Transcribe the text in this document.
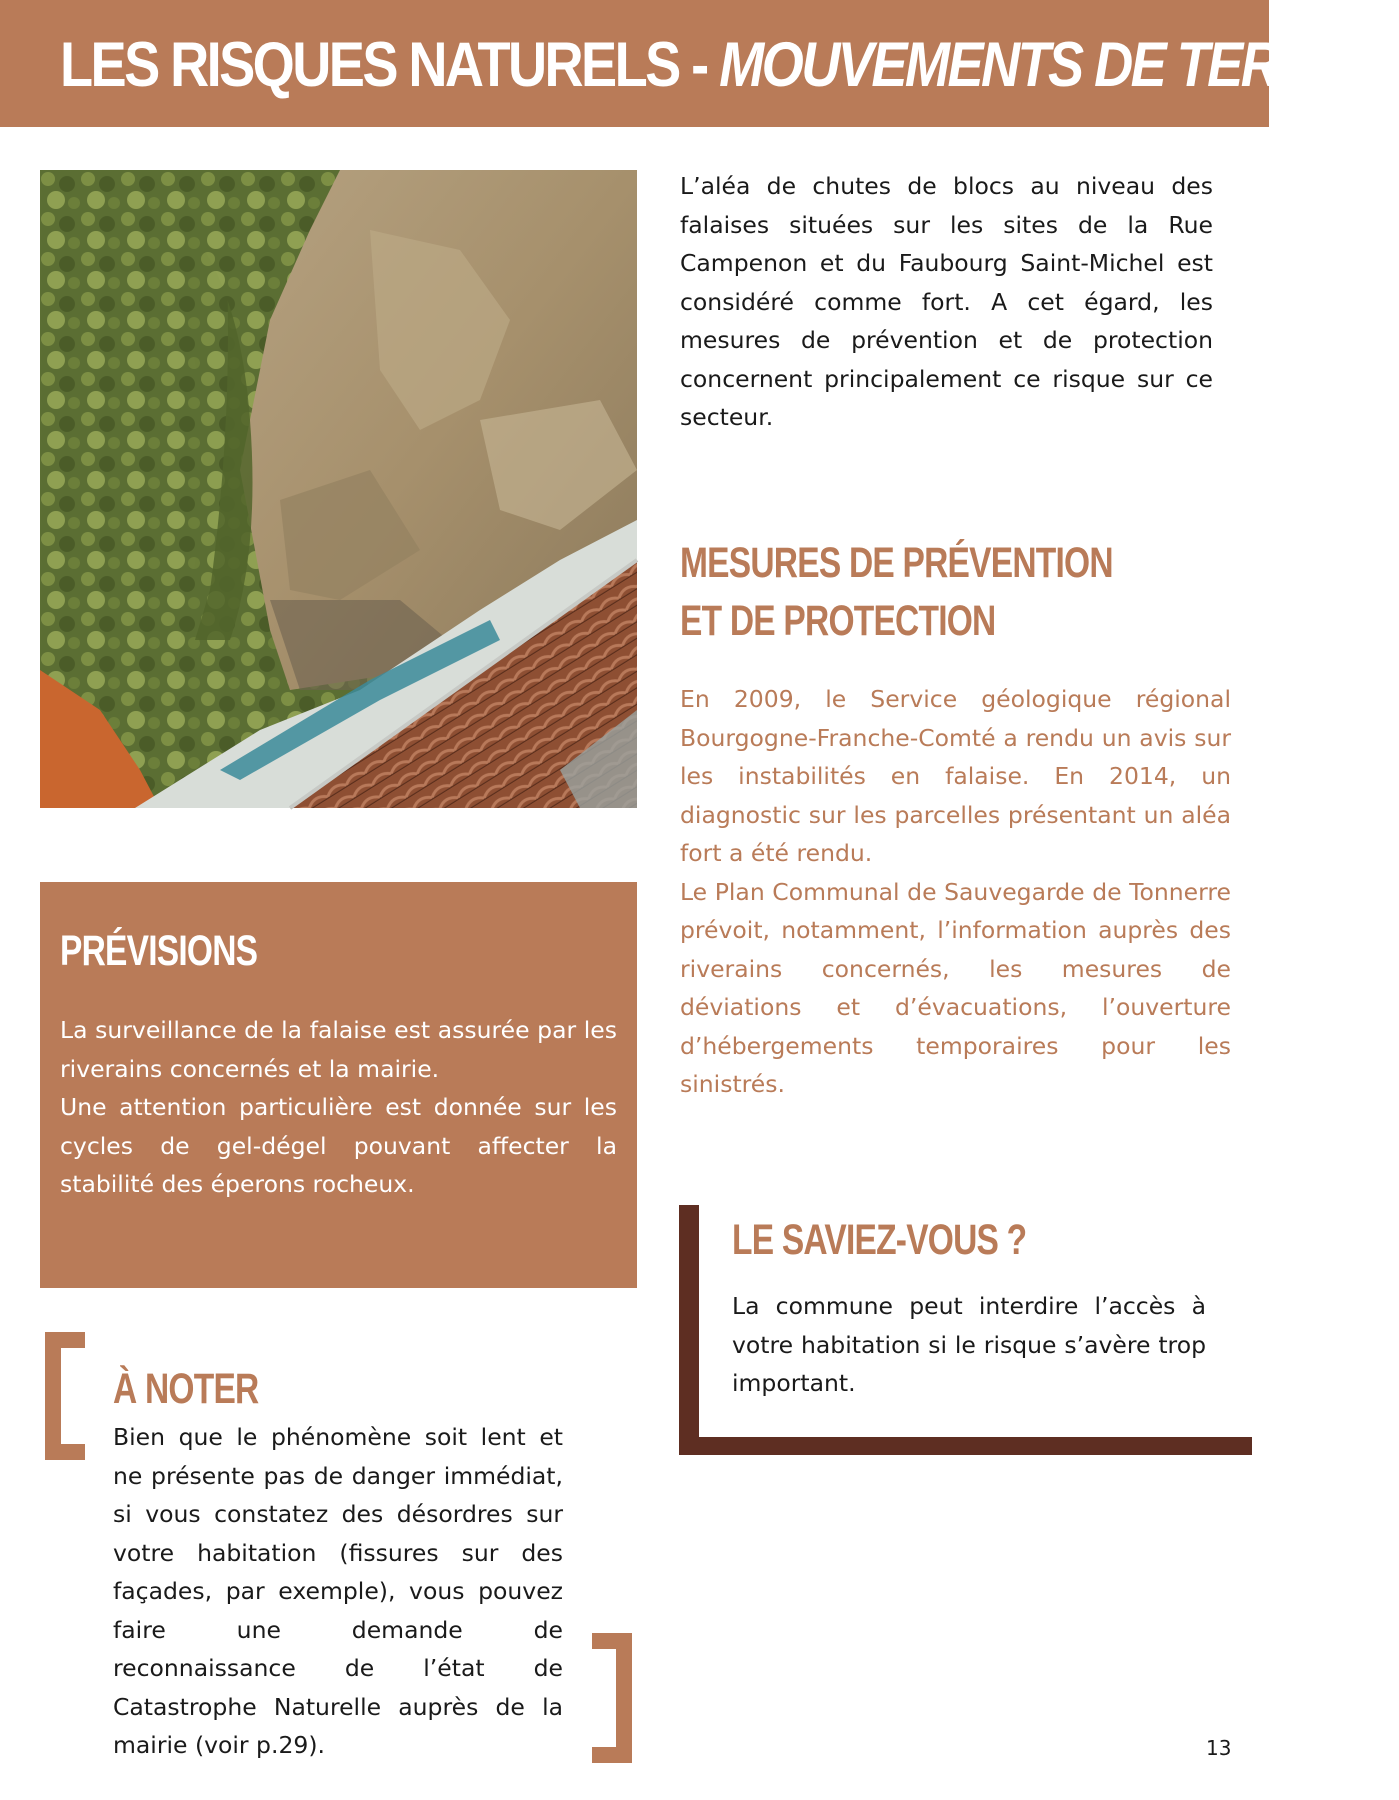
LES RISQUES NATURELS - MOUVEMENTS DE TERRAIN
L’aléa de chutes de blocs au niveau des falaises situées sur les sites de la Rue Campenon et du Faubourg Saint-Michel est considéré comme fort. A cet égard, les mesures de prévention et de protection concernent principalement ce risque sur ce secteur.
MESURES DE PRÉVENTION
ET DE PROTECTION
En 2009, le Service géologique régional Bourgogne-Franche-Comté a rendu un avis sur les instabilités en falaise. En 2014, un diagnostic sur les parcelles présentant un aléa fort a été rendu.
Le Plan Communal de Sauvegarde de Tonnerre prévoit, notamment, l’information auprès des riverains concernés, les mesures de déviations et d’évacuations, l’ouverture d’hébergements temporaires pour les sinistrés.
PRÉVISIONS
La surveillance de la falaise est assurée par les riverains concernés et la mairie.
Une attention particulière est donnée sur les cycles de gel-dégel pouvant affecter la stabilité des éperons rocheux.
LE SAVIEZ-VOUS ?
La commune peut interdire l’accès à votre habitation si le risque s’avère trop important.
À NOTER
Bien que le phénomène soit lent et ne présente pas de danger immédiat, si vous constatez des désordres sur votre habitation (fissures sur des façades, par exemple), vous pouvez faire une demande de reconnaissance de l’état de Catastrophe Naturelle auprès de la mairie (voir p.29).	13
